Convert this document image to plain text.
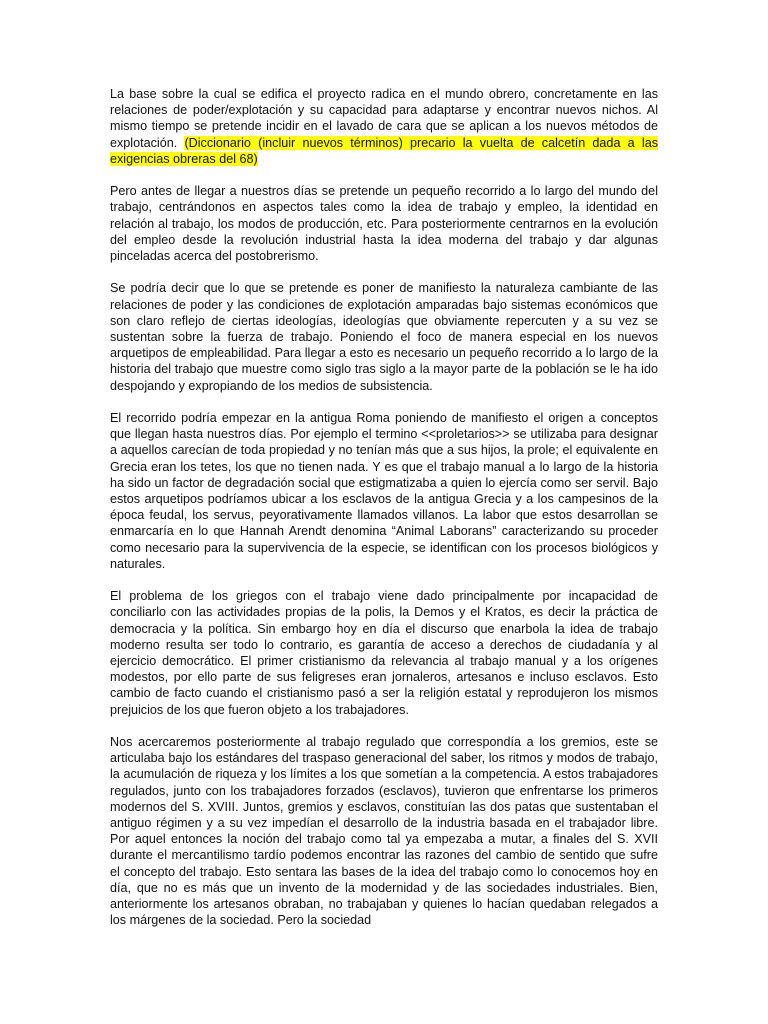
La base sobre la cual se edifica el proyecto radica en el mundo obrero, concretamente en las relaciones de poder/explotación y su capacidad para adaptarse y encontrar nuevos nichos. Al mismo tiempo se pretende incidir en el lavado de cara que se aplican a los nuevos métodos de explotación. (Diccionario (incluir nuevos términos) precario la vuelta de calcetín dada a las exigencias obreras del 68)

Pero antes de llegar a nuestros días se pretende un pequeño recorrido a lo largo del mundo del trabajo, centrándonos en aspectos tales como la idea de trabajo y empleo, la identidad en relación al trabajo, los modos de producción, etc. Para posteriormente centrarnos en la evolución del empleo desde la revolución industrial hasta la idea moderna del trabajo y dar algunas pinceladas acerca del postobrerismo.

Se podría decir que lo que se pretende es poner de manifiesto la naturaleza cambiante de las relaciones de poder y las condiciones de explotación amparadas bajo sistemas económicos que son claro reflejo de ciertas ideologías, ideologías que obviamente repercuten y a su vez se sustentan sobre la fuerza de trabajo. Poniendo el foco de manera especial en los nuevos arquetipos de empleabilidad. Para llegar a esto es necesario un pequeño recorrido a lo largo de la historia del trabajo que muestre como siglo tras siglo a la mayor parte de la población se le ha ido despojando y expropiando de los medios de subsistencia.

El recorrido podría empezar en la antigua Roma poniendo de manifiesto el origen a conceptos que llegan hasta nuestros días. Por ejemplo el termino <<proletarios>> se utilizaba para designar a aquellos carecían de toda propiedad y no tenían más que a sus hijos, la prole; el equivalente en Grecia eran los tetes, los que no tienen nada. Y es que el trabajo manual a lo largo de la historia ha sido un factor de degradación social que estigmatizaba a quien lo ejercía como ser servil. Bajo estos arquetipos podríamos ubicar a los esclavos de la antigua Grecia y a los campesinos de la época feudal, los servus, peyorativamente llamados villanos. La labor que estos desarrollan se enmarcaría en lo que Hannah Arendt denomina “Animal Laborans” caracterizando su proceder como necesario para la supervivencia de la especie, se identifican con los procesos biológicos y naturales.

El problema de los griegos con el trabajo viene dado principalmente por incapacidad de conciliarlo con las actividades propias de la polis, la Demos y el Kratos, es decir la práctica de democracia y la política. Sin embargo hoy en día el discurso que enarbola la idea de trabajo moderno resulta ser todo lo contrario, es garantía de acceso a derechos de ciudadanía y al ejercicio democrático. El primer cristianismo da relevancia al trabajo manual y a los orígenes modestos, por ello parte de sus feligreses eran jornaleros, artesanos e incluso esclavos. Esto cambio de facto cuando el cristianismo pasó a ser la religión estatal y reprodujeron los mismos prejuicios de los que fueron objeto a los trabajadores.

Nos acercaremos posteriormente al trabajo regulado que correspondía a los gremios, este se articulaba bajo los estándares del traspaso generacional del saber, los ritmos y modos de trabajo, la acumulación de riqueza y los límites a los que sometían a la competencia. A estos trabajadores regulados, junto con los trabajadores forzados (esclavos), tuvieron que enfrentarse los primeros modernos del S. XVIII. Juntos, gremios y esclavos, constituían las dos patas que sustentaban el antiguo régimen y a su vez impedían el desarrollo de la industria basada en el trabajador libre. Por aquel entonces la noción del trabajo como tal ya empezaba a mutar, a finales del S. XVII durante el mercantilismo tardío podemos encontrar las razones del cambio de sentido que sufre el concepto del trabajo. Esto sentara las bases de la idea del trabajo como lo conocemos hoy en día, que no es más que un invento de la modernidad y de las sociedades industriales. Bien, anteriormente los artesanos obraban, no trabajaban y quienes lo hacían quedaban relegados a los márgenes de la sociedad. Pero la sociedad
